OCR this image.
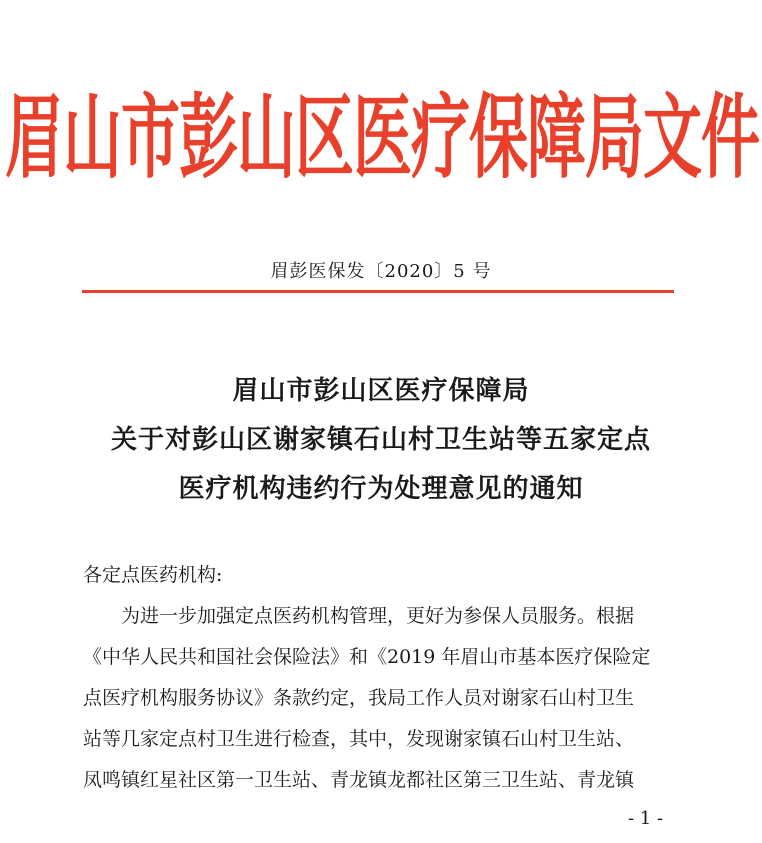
眉山市彭山区医疗保障局文件
眉彭医保发〔2020〕5 号
眉山市彭山区医疗保障局
关于对彭山区谢家镇石山村卫生站等五家定点
医疗机构违约行为处理意见的通知
各定点医药机构:
为进一步加强定点医药机构管理，更好为参保人员服务。根据
《中华人民共和国社会保险法》和《2019 年眉山市基本医疗保险定
点医疗机构服务协议》条款约定，我局工作人员对谢家石山村卫生
站等几家定点村卫生进行检查，其中，发现谢家镇石山村卫生站、
凤鸣镇红星社区第一卫生站、青龙镇龙都社区第三卫生站、青龙镇
- 1 -
